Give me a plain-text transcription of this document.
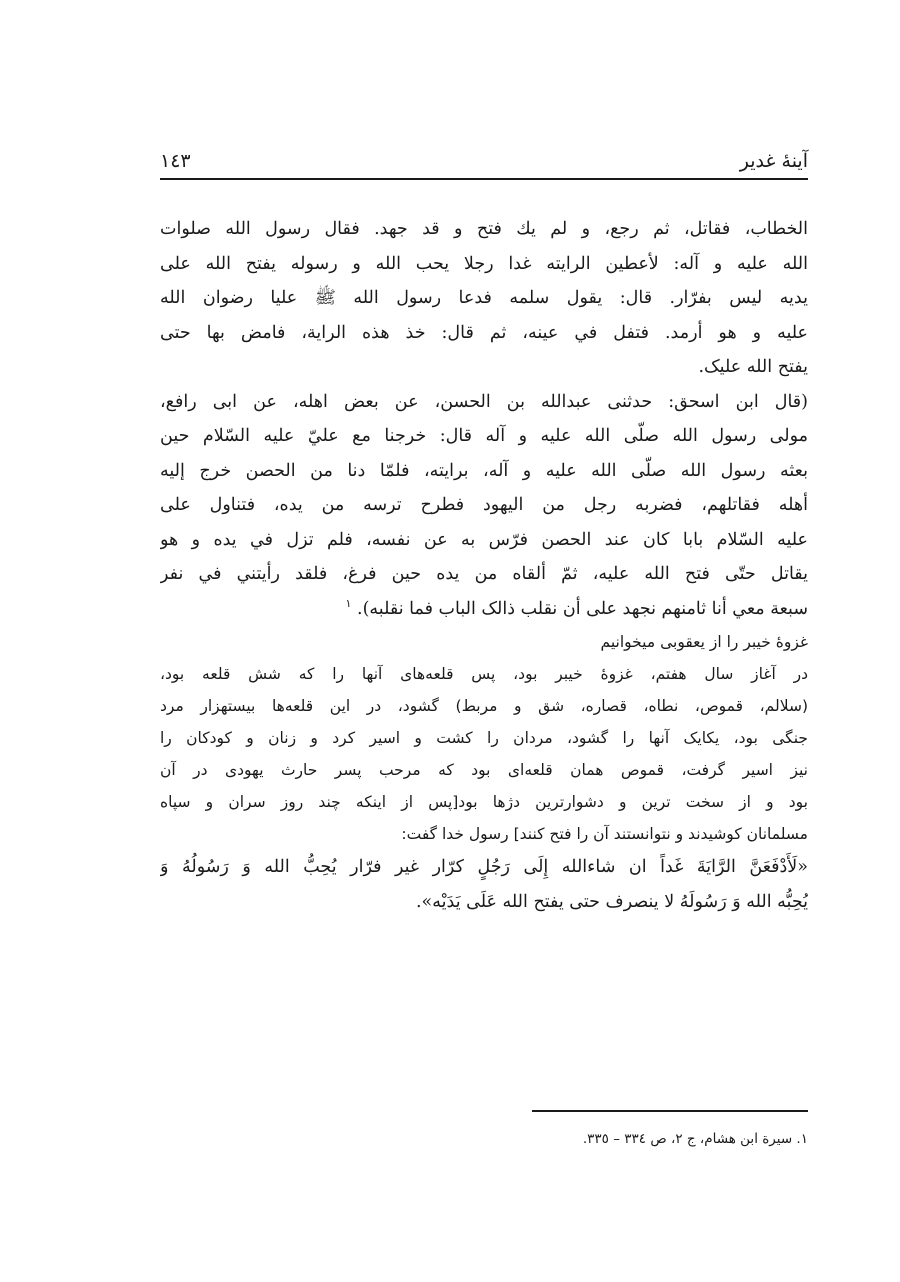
آینهٔ غدیر
١٤٣

الخطاب، فقاتل، ثم رجع، و لم يك فتح و قد جهد. فقال رسول الله صلوات
الله عليه و آله: لأعطين الرايته غدا رجلا يحب الله و رسوله يفتح الله على
يديه ليس بفرّار. قال: يقول سلمه فدعا رسول الله ﷺ عليا رضوان الله
عليه و هو أرمد. فتفل في عينه، ثم قال: خذ هذه الراية، فامض بها حتى
يفتح الله عليک.

(قال ابن اسحق: حدثنى عبدالله بن الحسن، عن بعض اهله، عن ابى رافع،
مولى رسول الله صلّى الله عليه و آله قال: خرجنا مع عليّ عليه السّلام حين
بعثه رسول الله صلّى الله عليه و آله، برايته، فلمّا دنا من الحصن خرج إليه
أهله فقاتلهم، فضربه رجل من اليهود فطرح ترسه من يده، فتناول على
عليه السّلام بابا كان عند الحصن فرّس به عن نفسه، فلم تزل في يده و هو
يقاتل حتّى فتح الله عليه، ثمّ ألقاه من يده حين فرغ، فلقد رأيتني في نفر
سبعة معي أنا ثامنهم نجهد على أن نقلب ذالک الباب فما نقلبه). $^١$

غزوهٔ خيبر را از يعقوبى ميخوانيم

در آغاز سال هفتم، غزوهٔ خيبر بود، پس قلعه‌هاى آنها را كه شش قلعه بود،
(سلالم، قموص، نطاه، قصاره، شق و مربط) گشود، در اين قلعه‌ها بيستهزار مرد
جنگى بود، يكايک آنها را گشود، مردان را كشت و اسير كرد و زنان و كودكان را
نيز اسير گرفت، قموص همان قلعه‌اى بود كه مرحب پسر حارث يهودى در آن
بود و از سخت ترين و دشوارترين دژها بود[پس از اينكه چند روز سران و سپاه
مسلمانان كوشيدند و نتوانستند آن را فتح كنند] رسول خدا گفت:

«لَأَدْفَعَنَّ الرَّايَةَ غَداً ان شاءالله إِلَى رَجُلٍ كرّار غير فرّار يُحِبُّ الله وَ رَسُولُهُ وَ
يُحِبُّه الله وَ رَسُولَهُ لا ينصرف حتى يفتح الله عَلَى يَدَيْه».

١. سيرة ابن هشام، ج ٢، ص ٣٣٤ – ٣٣٥.
